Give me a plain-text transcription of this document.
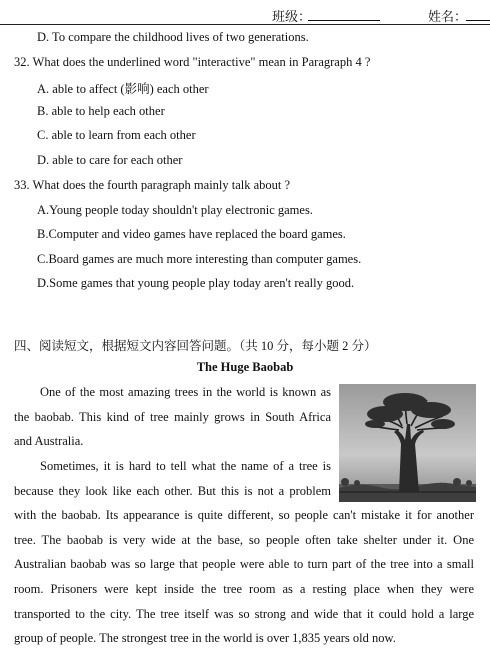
班级：	姓名：
D. To compare the childhood lives of two generations.
32. What does the underlined word "interactive" mean in Paragraph 4 ?
A. able to affect (影响) each other
B. able to help each other
C. able to learn from each other
D. able to care for each other
33. What does the fourth paragraph mainly talk about ?
A.Young people today shouldn't play electronic games.
B.Computer and video games have replaced the board games.
C.Board games are much more interesting than computer games.
D.Some games that young people play today aren't really good.
四、阅读短文，根据短文内容回答问题。（共 10 分，每小题 2 分）
The Huge Baobab
One of the most amazing trees in the world is known as
the baobab. This kind of tree mainly grows in South Africa
and Australia.
Sometimes, it is hard to tell what the name of a tree is
because they look like each other. But this is not a problem
with the baobab. Its appearance is quite different, so people can't mistake it for another
tree. The baobab is very wide at the base, so people often take shelter under it. One
Australian baobab was so large that people were able to turn part of the tree into a small
room. Prisoners were kept inside the tree room as a resting place when they were
transported to the city. The tree itself was so strong and wide that it could hold a large
group of people. The strongest tree in the world is over 1,835 years old now.
